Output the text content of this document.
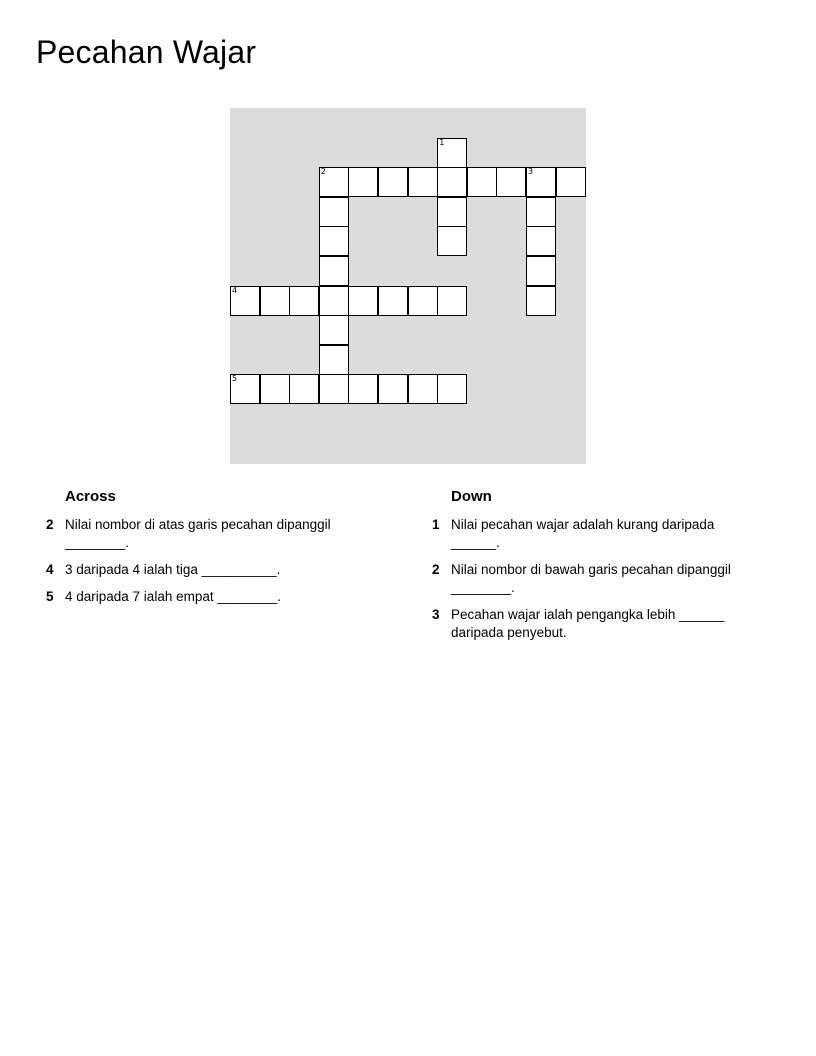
Pecahan Wajar
1
2	3
4
5
Across
2 Nilai nombor di atas garis pecahan dipanggil ________.
4 3 daripada 4 ialah tiga __________.
5 4 daripada 7 ialah empat ________.
Down
1 Nilai pecahan wajar adalah kurang daripada ______.
2 Nilai nombor di bawah garis pecahan dipanggil ________.
3 Pecahan wajar ialah pengangka lebih ______ daripada penyebut.
